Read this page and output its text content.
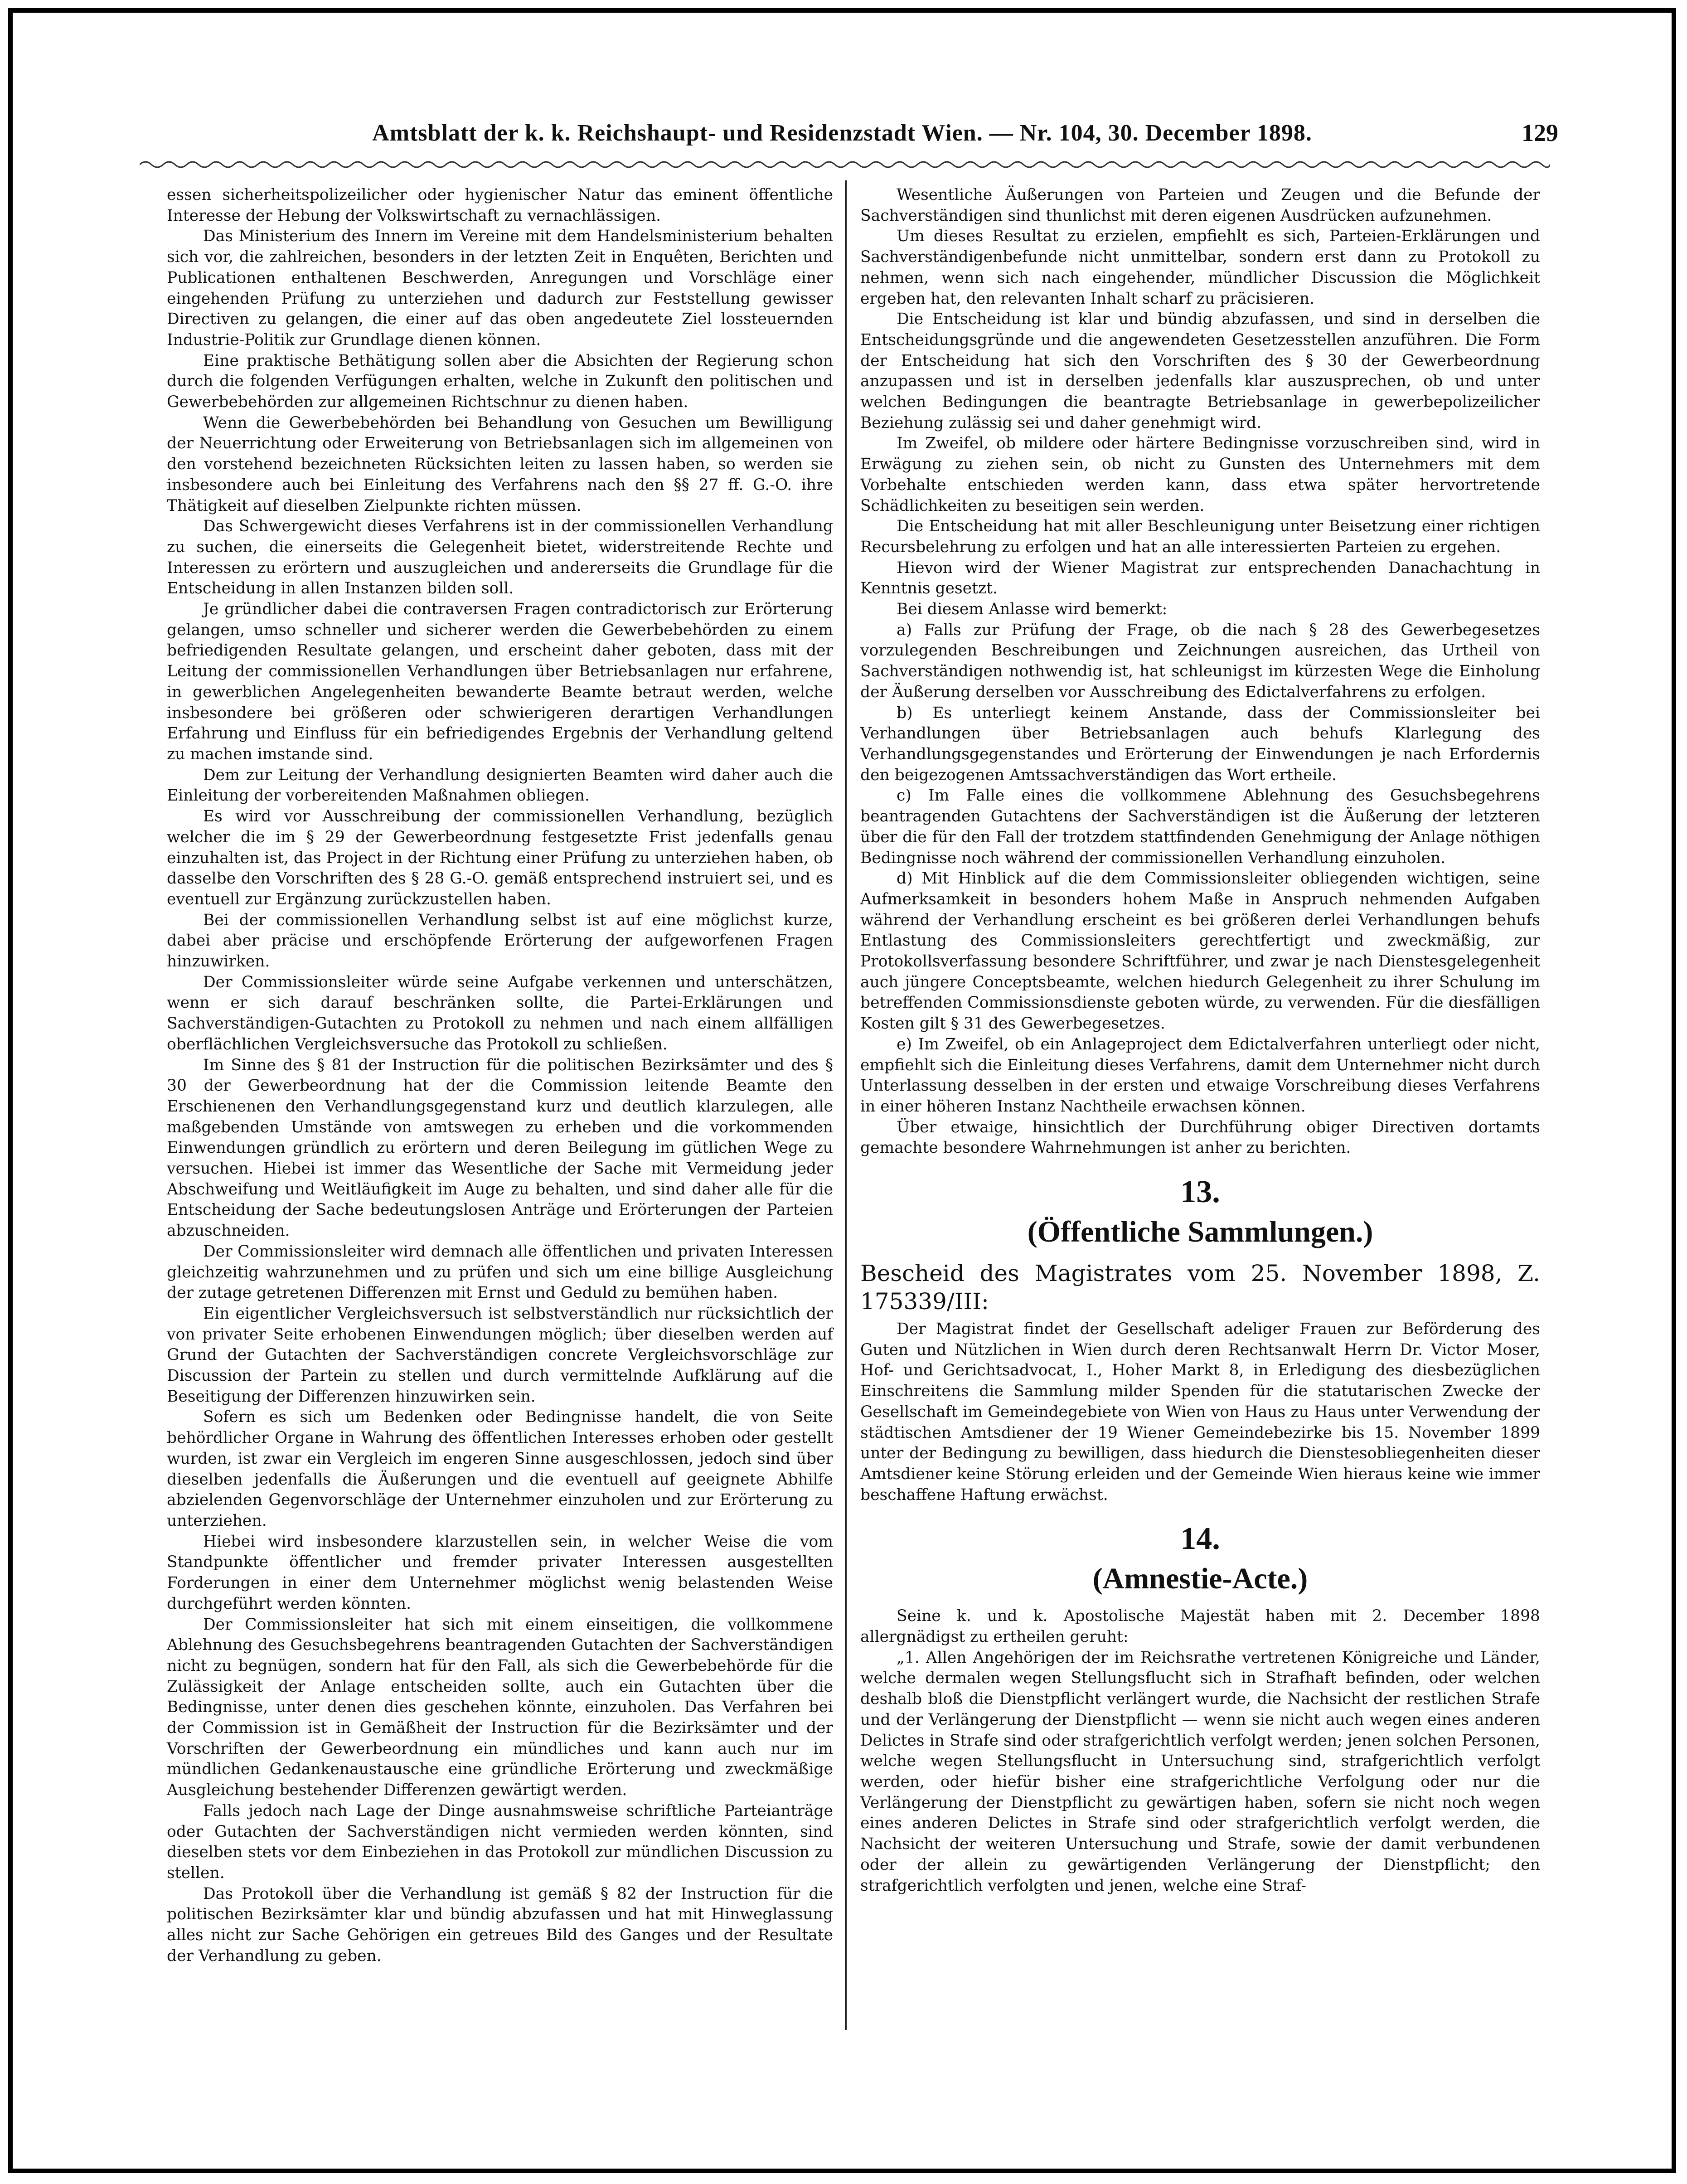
Amtsblatt der k. k. Reichshaupt- und Residenzstadt Wien. — Nr. 104, 30. December 1898.	129

essen sicherheitspolizeilicher oder hygienischer Natur das eminent öffentliche Interesse der Hebung der Volkswirtschaft zu vernachlässigen.

Das Ministerium des Innern im Vereine mit dem Handelsministerium behalten sich vor, die zahlreichen, besonders in der letzten Zeit in Enquêten, Berichten und Publicationen enthaltenen Beschwerden, Anregungen und Vorschläge einer eingehenden Prüfung zu unterziehen und dadurch zur Feststellung gewisser Directiven zu gelangen, die einer auf das oben angedeutete Ziel lossteuernden Industrie-Politik zur Grundlage dienen können.

Eine praktische Bethätigung sollen aber die Absichten der Regierung schon durch die folgenden Verfügungen erhalten, welche in Zukunft den politischen und Gewerbebehörden zur allgemeinen Richtschnur zu dienen haben.

Wenn die Gewerbebehörden bei Behandlung von Gesuchen um Bewilligung der Neuerrichtung oder Erweiterung von Betriebsanlagen sich im allgemeinen von den vorstehend bezeichneten Rücksichten leiten zu lassen haben, so werden sie insbesondere auch bei Einleitung des Verfahrens nach den §§ 27 ff. G.-O. ihre Thätigkeit auf dieselben Zielpunkte richten müssen.

Das Schwergewicht dieses Verfahrens ist in der commissionellen Verhandlung zu suchen, die einerseits die Gelegenheit bietet, widerstreitende Rechte und Interessen zu erörtern und auszugleichen und andererseits die Grundlage für die Entscheidung in allen Instanzen bilden soll.

Je gründlicher dabei die contraversen Fragen contradictorisch zur Erörterung gelangen, umso schneller und sicherer werden die Gewerbebehörden zu einem befriedigenden Resultate gelangen, und erscheint daher geboten, dass mit der Leitung der commissionellen Verhandlungen über Betriebsanlagen nur erfahrene, in gewerblichen Angelegenheiten bewanderte Beamte betraut werden, welche insbesondere bei größeren oder schwierigeren derartigen Verhandlungen Erfahrung und Einfluss für ein befriedigendes Ergebnis der Verhandlung geltend zu machen imstande sind.

Dem zur Leitung der Verhandlung designierten Beamten wird daher auch die Einleitung der vorbereitenden Maßnahmen obliegen.

Es wird vor Ausschreibung der commissionellen Verhandlung, bezüglich welcher die im § 29 der Gewerbeordnung festgesetzte Frist jedenfalls genau einzuhalten ist, das Project in der Richtung einer Prüfung zu unterziehen haben, ob dasselbe den Vorschriften des § 28 G.-O. gemäß entsprechend instruiert sei, und es eventuell zur Ergänzung zurückzustellen haben.

Bei der commissionellen Verhandlung selbst ist auf eine möglichst kurze, dabei aber präcise und erschöpfende Erörterung der aufgeworfenen Fragen hinzuwirken.

Der Commissionsleiter würde seine Aufgabe verkennen und unterschätzen, wenn er sich darauf beschränken sollte, die Partei-Erklärungen und Sachverständigen-Gutachten zu Protokoll zu nehmen und nach einem allfälligen oberflächlichen Vergleichsversuche das Protokoll zu schließen.

Im Sinne des § 81 der Instruction für die politischen Bezirksämter und des § 30 der Gewerbeordnung hat der die Commission leitende Beamte den Erschienenen den Verhandlungsgegenstand kurz und deutlich klarzulegen, alle maßgebenden Umstände von amtswegen zu erheben und die vorkommenden Einwendungen gründlich zu erörtern und deren Beilegung im gütlichen Wege zu versuchen. Hiebei ist immer das Wesentliche der Sache mit Vermeidung jeder Abschweifung und Weitläufigkeit im Auge zu behalten, und sind daher alle für die Entscheidung der Sache bedeutungslosen Anträge und Erörterungen der Parteien abzuschneiden.

Der Commissionsleiter wird demnach alle öffentlichen und privaten Interessen gleichzeitig wahrzunehmen und zu prüfen und sich um eine billige Ausgleichung der zutage getretenen Differenzen mit Ernst und Geduld zu bemühen haben.

Ein eigentlicher Vergleichsversuch ist selbstverständlich nur rücksichtlich der von privater Seite erhobenen Einwendungen möglich; über dieselben werden auf Grund der Gutachten der Sachverständigen concrete Vergleichsvorschläge zur Discussion der Partein zu stellen und durch vermittelnde Aufklärung auf die Beseitigung der Differenzen hinzuwirken sein.

Sofern es sich um Bedenken oder Bedingnisse handelt, die von Seite behördlicher Organe in Wahrung des öffentlichen Interesses erhoben oder gestellt wurden, ist zwar ein Vergleich im engeren Sinne ausgeschlossen, jedoch sind über dieselben jedenfalls die Äußerungen und die eventuell auf geeignete Abhilfe abzielenden Gegenvorschläge der Unternehmer einzuholen und zur Erörterung zu unterziehen.

Hiebei wird insbesondere klarzustellen sein, in welcher Weise die vom Standpunkte öffentlicher und fremder privater Interessen ausgestellten Forderungen in einer dem Unternehmer möglichst wenig belastenden Weise durchgeführt werden könnten.

Der Commissionsleiter hat sich mit einem einseitigen, die vollkommene Ablehnung des Gesuchsbegehrens beantragenden Gutachten der Sachverständigen nicht zu begnügen, sondern hat für den Fall, als sich die Gewerbebehörde für die Zulässigkeit der Anlage entscheiden sollte, auch ein Gutachten über die Bedingnisse, unter denen dies geschehen könnte, einzuholen. Das Verfahren bei der Commission ist in Gemäßheit der Instruction für die Bezirksämter und der Vorschriften der Gewerbeordnung ein mündliches und kann auch nur im mündlichen Gedankenaustausche eine gründliche Erörterung und zweckmäßige Ausgleichung bestehender Differenzen gewärtigt werden.

Falls jedoch nach Lage der Dinge ausnahmsweise schriftliche Parteianträge oder Gutachten der Sachverständigen nicht vermieden werden könnten, sind dieselben stets vor dem Einbeziehen in das Protokoll zur mündlichen Discussion zu stellen.

Das Protokoll über die Verhandlung ist gemäß § 82 der Instruction für die politischen Bezirksämter klar und bündig abzufassen und hat mit Hinweglassung alles nicht zur Sache Gehörigen ein getreues Bild des Ganges und der Resultate der Verhandlung zu geben.

Wesentliche Äußerungen von Parteien und Zeugen und die Befunde der Sachverständigen sind thunlichst mit deren eigenen Ausdrücken aufzunehmen.

Um dieses Resultat zu erzielen, empfiehlt es sich, Parteien-Erklärungen und Sachverständigenbefunde nicht unmittelbar, sondern erst dann zu Protokoll zu nehmen, wenn sich nach eingehender, mündlicher Discussion die Möglichkeit ergeben hat, den relevanten Inhalt scharf zu präcisieren.

Die Entscheidung ist klar und bündig abzufassen, und sind in derselben die Entscheidungsgründe und die angewendeten Gesetzesstellen anzuführen. Die Form der Entscheidung hat sich den Vorschriften des § 30 der Gewerbeordnung anzupassen und ist in derselben jedenfalls klar auszusprechen, ob und unter welchen Bedingungen die beantragte Betriebsanlage in gewerbepolizeilicher Beziehung zulässig sei und daher genehmigt wird.

Im Zweifel, ob mildere oder härtere Bedingnisse vorzuschreiben sind, wird in Erwägung zu ziehen sein, ob nicht zu Gunsten des Unternehmers mit dem Vorbehalte entschieden werden kann, dass etwa später hervortretende Schädlichkeiten zu beseitigen sein werden.

Die Entscheidung hat mit aller Beschleunigung unter Beisetzung einer richtigen Recursbelehrung zu erfolgen und hat an alle interessierten Parteien zu ergehen.

Hievon wird der Wiener Magistrat zur entsprechenden Danachachtung in Kenntnis gesetzt.

Bei diesem Anlasse wird bemerkt:

a) Falls zur Prüfung der Frage, ob die nach § 28 des Gewerbegesetzes vorzulegenden Beschreibungen und Zeichnungen ausreichen, das Urtheil von Sachverständigen nothwendig ist, hat schleunigst im kürzesten Wege die Einholung der Äußerung derselben vor Ausschreibung des Edictalverfahrens zu erfolgen.

b) Es unterliegt keinem Anstande, dass der Commissionsleiter bei Verhandlungen über Betriebsanlagen auch behufs Klarlegung des Verhandlungsgegenstandes und Erörterung der Einwendungen je nach Erfordernis den beigezogenen Amtssachverständigen das Wort ertheile.

c) Im Falle eines die vollkommene Ablehnung des Gesuchsbegehrens beantragenden Gutachtens der Sachverständigen ist die Äußerung der letzteren über die für den Fall der trotzdem stattfindenden Genehmigung der Anlage nöthigen Bedingnisse noch während der commissionellen Verhandlung einzuholen.

d) Mit Hinblick auf die dem Commissionsleiter obliegenden wichtigen, seine Aufmerksamkeit in besonders hohem Maße in Anspruch nehmenden Aufgaben während der Verhandlung erscheint es bei größeren derlei Verhandlungen behufs Entlastung des Commissionsleiters gerechtfertigt und zweckmäßig, zur Protokollsverfassung besondere Schriftführer, und zwar je nach Dienstesgelegenheit auch jüngere Conceptsbeamte, welchen hiedurch Gelegenheit zu ihrer Schulung im betreffenden Commissionsdienste geboten würde, zu verwenden. Für die diesfälligen Kosten gilt § 31 des Gewerbegesetzes.

e) Im Zweifel, ob ein Anlageproject dem Edictalverfahren unterliegt oder nicht, empfiehlt sich die Einleitung dieses Verfahrens, damit dem Unternehmer nicht durch Unterlassung desselben in der ersten und etwaige Vorschreibung dieses Verfahrens in einer höheren Instanz Nachtheile erwachsen können.

Über etwaige, hinsichtlich der Durchführung obiger Directiven dortamts gemachte besondere Wahrnehmungen ist anher zu berichten.

13.
(Öffentliche Sammlungen.)

Bescheid des Magistrates vom 25. November 1898, Z. 175339/III:

Der Magistrat findet der Gesellschaft adeliger Frauen zur Beförderung des Guten und Nützlichen in Wien durch deren Rechtsanwalt Herrn Dr. Victor Moser, Hof- und Gerichtsadvocat, I., Hoher Markt 8, in Erledigung des diesbezüglichen Einschreitens die Sammlung milder Spenden für die statutarischen Zwecke der Gesellschaft im Gemeindegebiete von Wien von Haus zu Haus unter Verwendung der städtischen Amtsdiener der 19 Wiener Gemeindebezirke bis 15. November 1899 unter der Bedingung zu bewilligen, dass hiedurch die Dienstesobliegenheiten dieser Amtsdiener keine Störung erleiden und der Gemeinde Wien hieraus keine wie immer beschaffene Haftung erwächst.

14.
(Amnestie-Acte.)

Seine k. und k. Apostolische Majestät haben mit 2. December 1898 allergnädigst zu ertheilen geruht:

„1. Allen Angehörigen der im Reichsrathe vertretenen Königreiche und Länder, welche dermalen wegen Stellungsflucht sich in Strafhaft befinden, oder welchen deshalb bloß die Dienstpflicht verlängert wurde, die Nachsicht der restlichen Strafe und der Verlängerung der Dienstpflicht — wenn sie nicht auch wegen eines anderen Delictes in Strafe sind oder strafgerichtlich verfolgt werden; jenen solchen Personen, welche wegen Stellungsflucht in Untersuchung sind, strafgerichtlich verfolgt werden, oder hiefür bisher eine strafgerichtliche Verfolgung oder nur die Verlängerung der Dienstpflicht zu gewärtigen haben, sofern sie nicht noch wegen eines anderen Delictes in Strafe sind oder strafgerichtlich verfolgt werden, die Nachsicht der weiteren Untersuchung und Strafe, sowie der damit verbundenen oder der allein zu gewärtigenden Verlängerung der Dienstpflicht; den strafgerichtlich verfolgten und jenen, welche eine Straf-
